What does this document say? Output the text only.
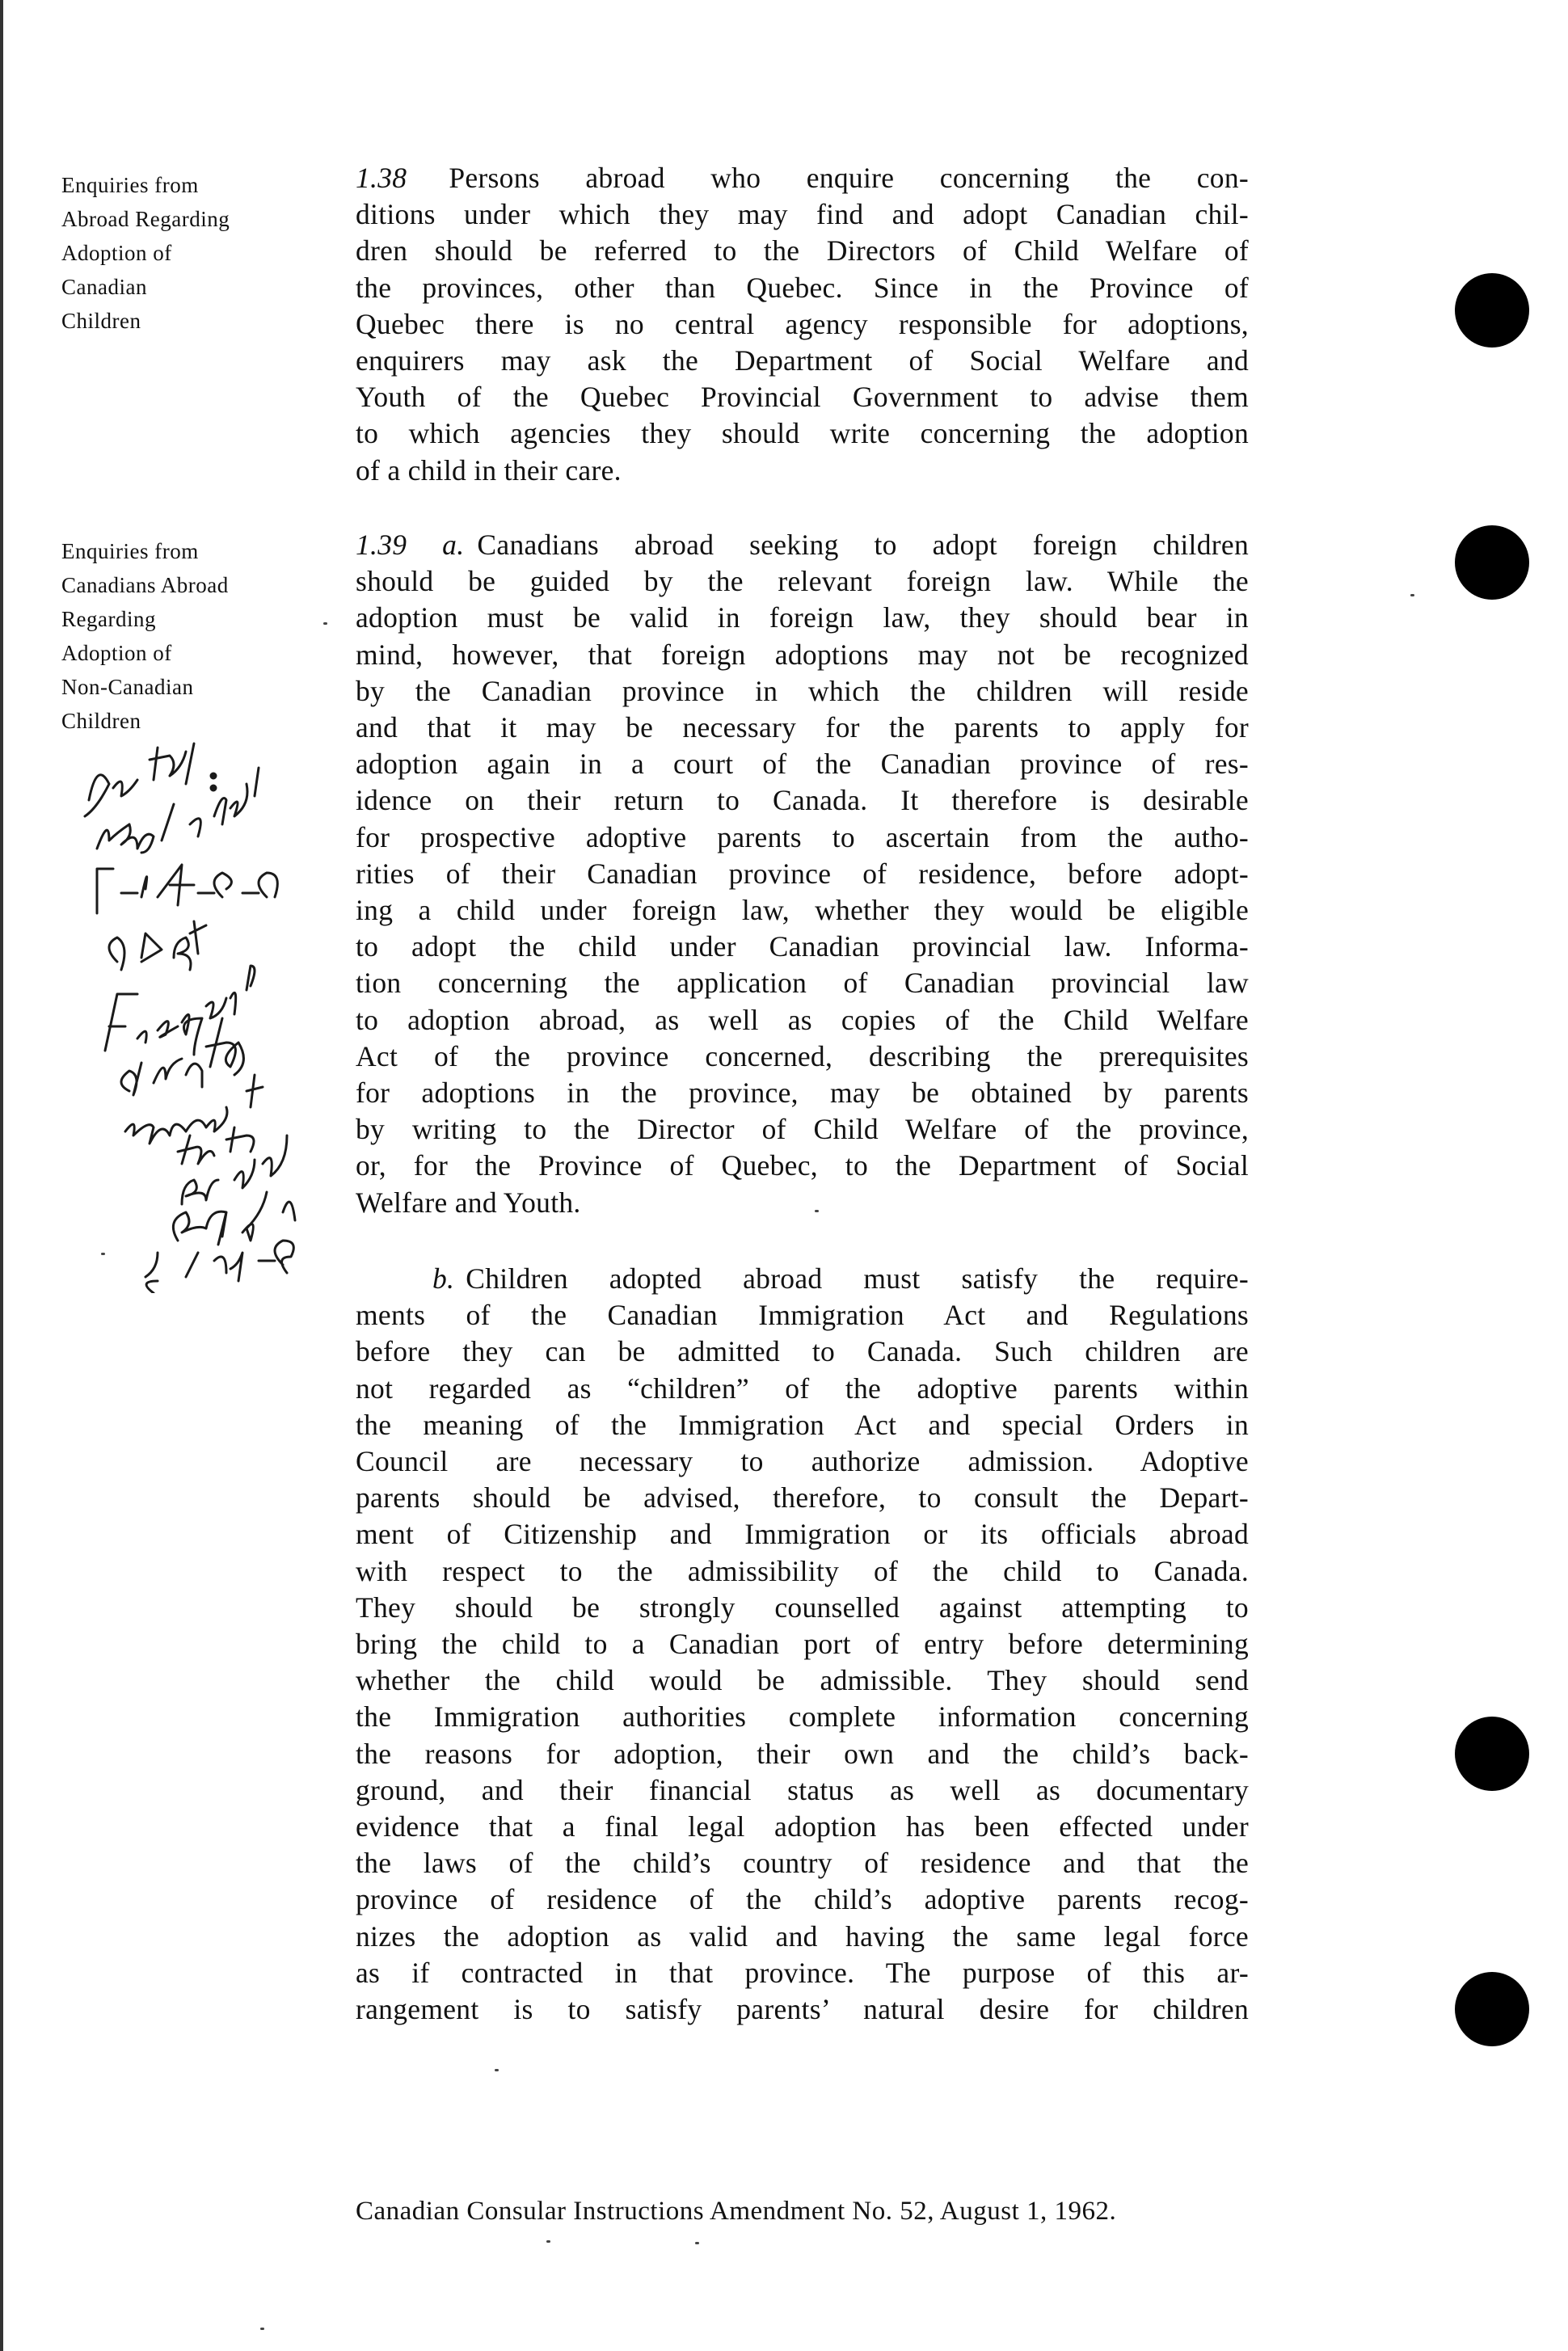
Enquiries from
Abroad Regarding
Adoption of
Canadian
Children
Enquiries from
Canadians Abroad
Regarding
Adoption of
Non-Canadian
Children
1.38 Persons abroad who enquire concerning the con-
ditions under which they may find and adopt Canadian chil-
dren should be referred to the Directors of Child Welfare of
the provinces, other than Quebec. Since in the Province of
Quebec there is no central agency responsible for adoptions,
enquirers may ask the Department of Social Welfare and
Youth of the Quebec Provincial Government to advise them
to which agencies they should write concerning the adoption
of a child in their care.
1.39 a. Canadians abroad seeking to adopt foreign children
should be guided by the relevant foreign law. While the
adoption must be valid in foreign law, they should bear in
mind, however, that foreign adoptions may not be recognized
by the Canadian province in which the children will reside
and that it may be necessary for the parents to apply for
adoption again in a court of the Canadian province of res-
idence on their return to Canada. It therefore is desirable
for prospective adoptive parents to ascertain from the autho-
rities of their Canadian province of residence, before adopt-
ing a child under foreign law, whether they would be eligible
to adopt the child under Canadian provincial law. Informa-
tion concerning the application of Canadian provincial law
to adoption abroad, as well as copies of the Child Welfare
Act of the province concerned, describing the prerequisites
for adoptions in the province, may be obtained by parents
by writing to the Director of Child Welfare of the province,
or, for the Province of Quebec, to the Department of Social
Welfare and Youth.
b. Children adopted abroad must satisfy the require-
ments of the Canadian Immigration Act and Regulations
before they can be admitted to Canada. Such children are
not regarded as “children” of the adoptive parents within
the meaning of the Immigration Act and special Orders in
Council are necessary to authorize admission. Adoptive
parents should be advised, therefore, to consult the Depart-
ment of Citizenship and Immigration or its officials abroad
with respect to the admissibility of the child to Canada.
They should be strongly counselled against attempting to
bring the child to a Canadian port of entry before determining
whether the child would be admissible. They should send
the Immigration authorities complete information concerning
the reasons for adoption, their own and the child’s back-
ground, and their financial status as well as documentary
evidence that a final legal adoption has been effected under
the laws of the child’s country of residence and that the
province of residence of the child’s adoptive parents recog-
nizes the adoption as valid and having the same legal force
as if contracted in that province. The purpose of this ar-
rangement is to satisfy parents’ natural desire for children
Canadian Consular Instructions Amendment No. 52, August 1, 1962.
